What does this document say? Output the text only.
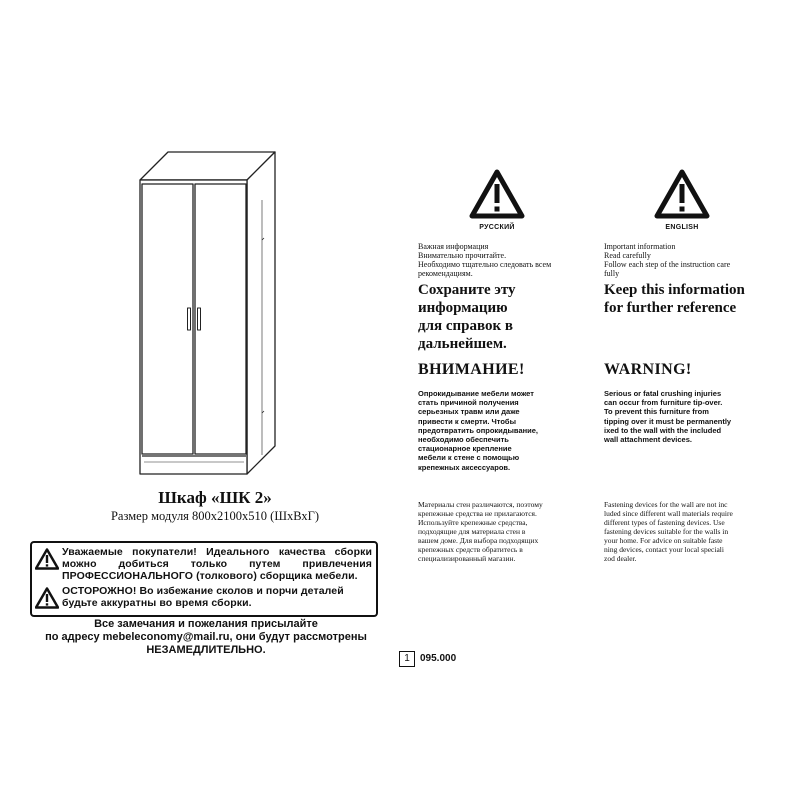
Шкаф «ШК 2»
Размер модуля 800х2100х510 (ШхВхГ)
Уважаемые покупатели! Идеального качества сборки можно добиться только путем привлечения ПРОФЕССИОНАЛЬНОГО (толкового) сборщика мебели.
ОСТОРОЖНО! Во избежание сколов и порчи деталей будьте аккуратны во время сборки.
Все замечания и пожелания присылайте
по адресу mebeleconomy@mail.ru, они будут рассмотрены
НЕЗАМЕДЛИТЕЛЬНО.
1	095.000
РУССКИЙ
Важная информация
Внимательно прочитайте.
Необходимо тщательно следовать всем рекомендациям.
Сохраните эту
информацию
для справок в
дальнейшем.
ВНИМАНИЕ!
Опрокидывание мебели может
стать причиной получения
серьезных травм или даже
привести к смерти. Чтобы
предотвратить опрокидывание,
необходимо обеспечить
стационарное крепление
мебели к стене с помощью
крепежных аксессуаров.
Материалы стен различаются, поэтому
крепежные средства не прилагаются.
Используйте крепежные средства,
подходящие для материала стен в
вашем доме. Для выбора подходящих
крепежных средств обратитесь в
специализированный магазин.
ENGLISH
Important information
Read carefully
Follow each step of the instruction care
fully
Keep this information
for further reference
WARNING!
Serious or fatal crushing injuries
can occur from furniture tip-over.
To prevent this furniture from
tipping over it must be permanently
ixed to the wall with the included
wall attachment devices.
Fastening devices for the wall are not inc
luded since different wall materials require
different types of fastening devices. Use
fastening devices suitable for the walls in
your home. For advice on suitable faste
ning devices, contact your local speciali
zod dealer.
